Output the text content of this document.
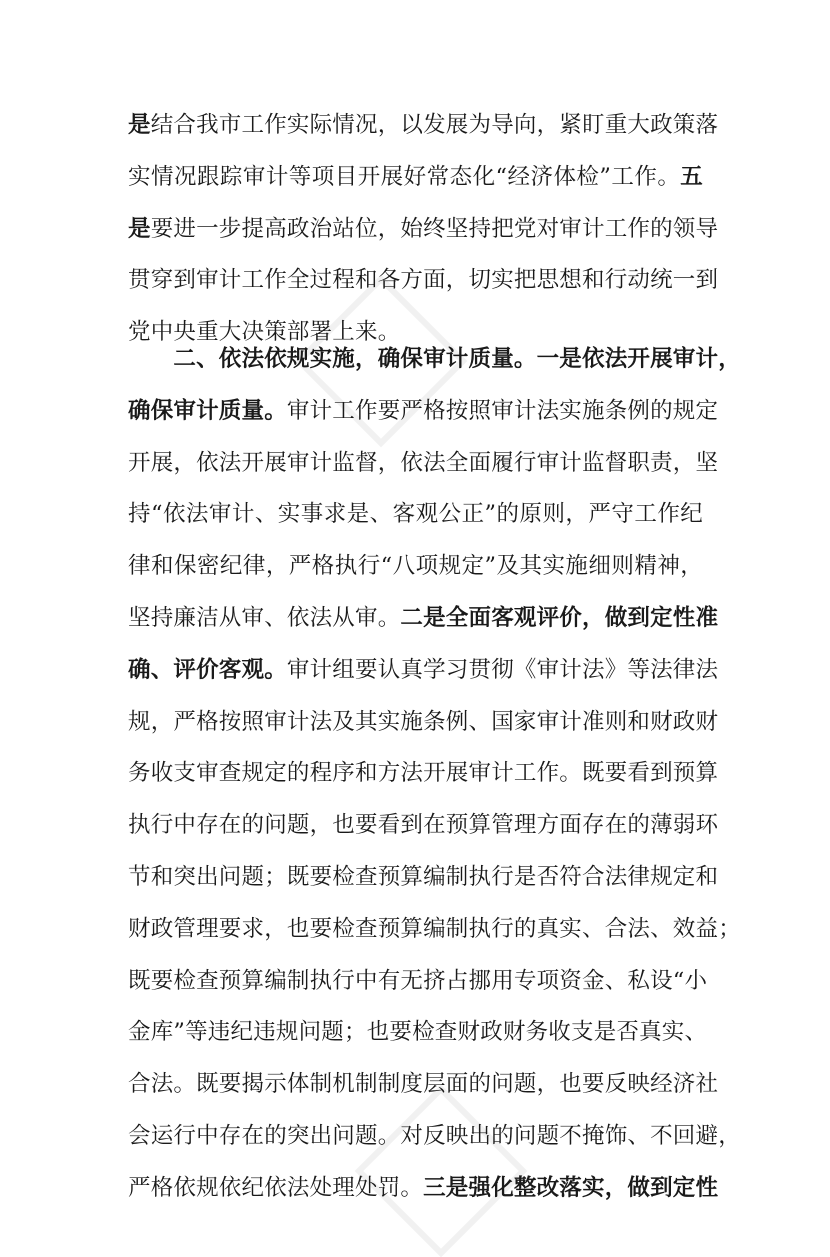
是结合我市工作实际情况，以发展为导向，紧盯重大政策落
实情况跟踪审计等项目开展好常态化“经济体检”工作。五
是要进一步提高政治站位，始终坚持把党对审计工作的领导
贯穿到审计工作全过程和各方面，切实把思想和行动统一到
党中央重大决策部署上来。
　　二、依法依规实施，确保审计质量。一是依法开展审计，
确保审计质量。审计工作要严格按照审计法实施条例的规定
开展，依法开展审计监督，依法全面履行审计监督职责，坚
持“依法审计、实事求是、客观公正”的原则，严守工作纪
律和保密纪律，严格执行“八项规定”及其实施细则精神，
坚持廉洁从审、依法从审。二是全面客观评价，做到定性准
确、评价客观。审计组要认真学习贯彻《审计法》等法律法
规，严格按照审计法及其实施条例、国家审计准则和财政财
务收支审查规定的程序和方法开展审计工作。既要看到预算
执行中存在的问题，也要看到在预算管理方面存在的薄弱环
节和突出问题；既要检查预算编制执行是否符合法律规定和
财政管理要求，也要检查预算编制执行的真实、合法、效益；
既要检查预算编制执行中有无挤占挪用专项资金、私设“小
金库”等违纪违规问题；也要检查财政财务收支是否真实、
合法。既要揭示体制机制制度层面的问题，也要反映经济社
会运行中存在的突出问题。对反映出的问题不掩饰、不回避，
严格依规依纪依法处理处罚。三是强化整改落实，做到定性
